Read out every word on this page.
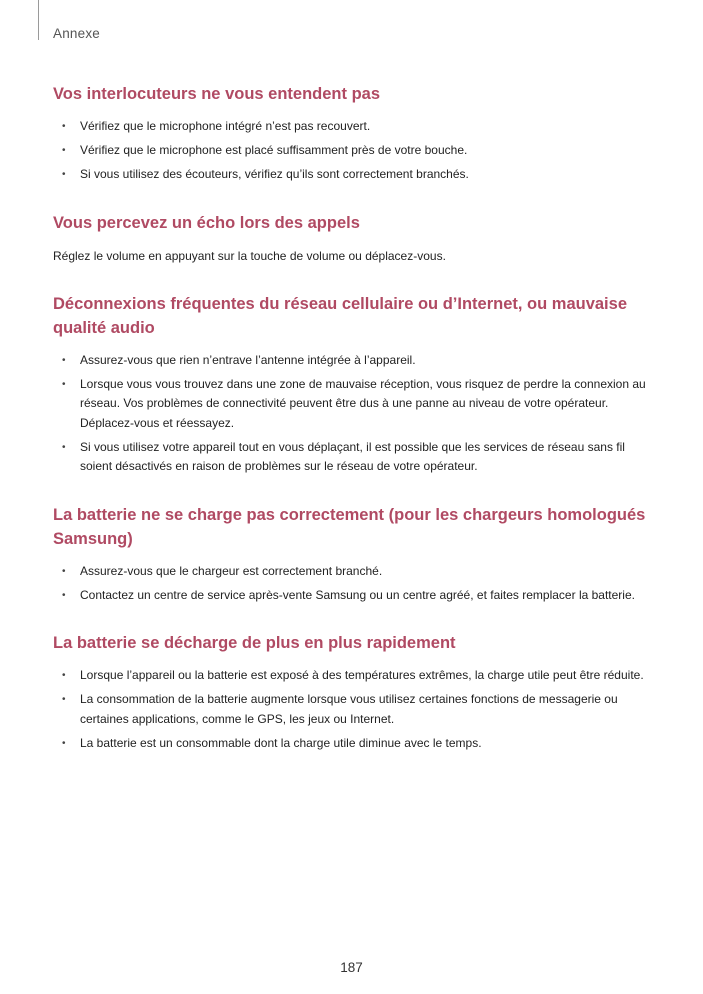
Annexe
Vos interlocuteurs ne vous entendent pas
• Vérifiez que le microphone intégré n’est pas recouvert.
• Vérifiez que le microphone est placé suffisamment près de votre bouche.
• Si vous utilisez des écouteurs, vérifiez qu’ils sont correctement branchés.
Vous percevez un écho lors des appels

Réglez le volume en appuyant sur la touche de volume ou déplacez-vous.

Déconnexions fréquentes du réseau cellulaire ou d’Internet, ou mauvaise qualité audio
• Assurez-vous que rien n’entrave l’antenne intégrée à l’appareil.
• Lorsque vous vous trouvez dans une zone de mauvaise réception, vous risquez de perdre la connexion au réseau. Vos problèmes de connectivité peuvent être dus à une panne au niveau de votre opérateur. Déplacez-vous et réessayez.
• Si vous utilisez votre appareil tout en vous déplaçant, il est possible que les services de réseau sans fil soient désactivés en raison de problèmes sur le réseau de votre opérateur.
La batterie ne se charge pas correctement (pour les chargeurs homologués Samsung)
• Assurez-vous que le chargeur est correctement branché.
• Contactez un centre de service après-vente Samsung ou un centre agréé, et faites remplacer la batterie.
La batterie se décharge de plus en plus rapidement
• Lorsque l’appareil ou la batterie est exposé à des températures extrêmes, la charge utile peut être réduite.
• La consommation de la batterie augmente lorsque vous utilisez certaines fonctions de messagerie ou certaines applications, comme le GPS, les jeux ou Internet.
• La batterie est un consommable dont la charge utile diminue avec le temps.
187
